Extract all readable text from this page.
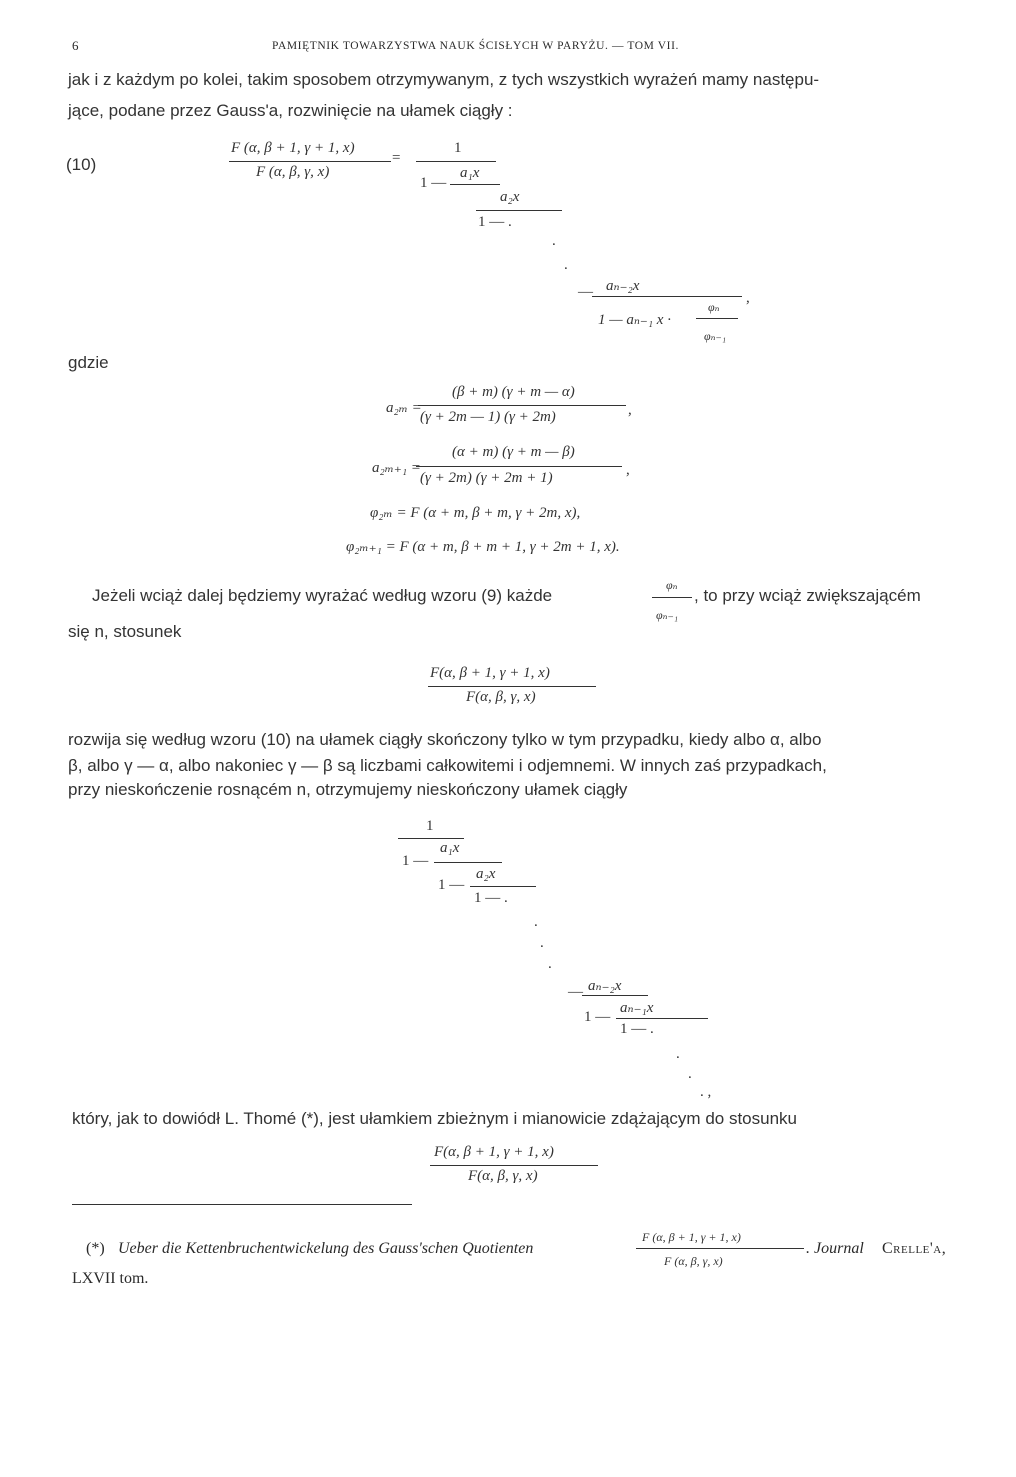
6	PAMIĘTNIK TOWARZYSTWA NAUK ŚCISŁYCH W PARYŻU. — TOM VII.
jak i z każdym po kolei, takim sposobem otrzymywanym, z tych wszystkich wyrażeń mamy następu-
jące, podane przez Gauss'a, rozwinięcie na ułamek ciągły :
(10)
F (α, β + 1, γ + 1, x)
F (α, β, γ, x)
=
1
1 —
a₁x
a₂x
1 — .
.
.
— aₙ₋₂x
,
1 — aₙ₋₁ x ·
φₙ
φₙ₋₁
gdzie
a₂ₘ =
(β + m) (γ + m — α)
(γ + 2m — 1) (γ + 2m)	,
a₂ₘ₊₁ =
(α + m) (γ + m — β)
(γ + 2m) (γ + 2m + 1)	,
φ₂ₘ = F (α + m, β + m, γ + 2m, x),
φ₂ₘ₊₁ = F (α + m, β + m + 1, γ + 2m + 1, x).
Jeżeli wciąż dalej będziemy wyrażać według wzoru (9) każde
φₙ
φₙ₋₁
, to przy wciąż zwiększającém
się n, stosunek
F(α, β + 1, γ + 1, x)
F(α, β, γ, x)
rozwija się według wzoru (10) na ułamek ciągły skończony tylko w tym przypadku, kiedy albo α, albo
β, albo γ — α, albo nakoniec γ — β są liczbami całkowitemi i odjemnemi. W innych zaś przypadkach,
przy nieskończenie rosnącém n, otrzymujemy nieskończony ułamek ciągły
1
1 —
a₁x
1 —
a₂x
1 — .
.
.
.
— aₙ₋₂x
1 —
aₙ₋₁x
1 — .
.
.
. ,
który, jak to dowiódł L. Thomé (*), jest ułamkiem zbieżnym i mianowicie zdążającym do stosunku
F(α, β + 1, γ + 1, x)
F(α, β, γ, x)
(*) Ueber die Kettenbruchentwickelung des Gauss'schen Quotienten
F (α, β + 1, γ + 1, x)
F (α, β, γ, x)
. Journal Crelle'a,
LXVII tom.
